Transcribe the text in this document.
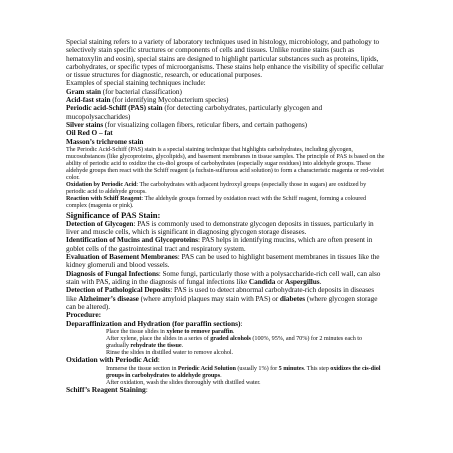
Special staining refers to a variety of laboratory techniques used in histology, microbiology, and pathology to selectively stain specific structures or components of cells and tissues. Unlike routine stains (such as hematoxylin and eosin), special stains are designed to highlight particular substances such as proteins, lipids, carbohydrates, or specific types of microorganisms. These stains help enhance the visibility of specific cellular or tissue structures for diagnostic, research, or educational purposes.

Examples of special staining techniques include:

Gram stain (for bacterial classification)

Acid-fast stain (for identifying Mycobacterium species)

Periodic acid-Schiff (PAS) stain (for detecting carbohydrates, particularly glycogen and mucopolysaccharides)

Silver stains (for visualizing collagen fibers, reticular fibers, and certain pathogens)

Oil Red O – fat

Masson’s trichrome stain

The Periodic Acid-Schiff (PAS) stain is a special staining technique that highlights carbohydrates, including glycogen, mucosubstances (like glycoproteins, glycolipids), and basement membranes in tissue samples. The principle of PAS is based on the ability of periodic acid to oxidize the cis-diol groups of carbohydrates (especially sugar residues) into aldehyde groups. These aldehyde groups then react with the Schiff reagent (a fuchsin-sulfurous acid solution) to form a characteristic magenta or red-violet color.

Oxidation by Periodic Acid: The carbohydrates with adjacent hydroxyl groups (especially those in sugars) are oxidized by periodic acid to aldehyde groups.

Reaction with Schiff Reagent: The aldehyde groups formed by oxidation react with the Schiff reagent, forming a coloured complex (magenta or pink).

Significance of PAS Stain:

Detection of Glycogen: PAS is commonly used to demonstrate glycogen deposits in tissues, particularly in liver and muscle cells, which is significant in diagnosing glycogen storage diseases.

Identification of Mucins and Glycoproteins: PAS helps in identifying mucins, which are often present in goblet cells of the gastrointestinal tract and respiratory system.

Evaluation of Basement Membranes: PAS can be used to highlight basement membranes in tissues like the kidney glomeruli and blood vessels.

Diagnosis of Fungal Infections: Some fungi, particularly those with a polysaccharide-rich cell wall, can also stain with PAS, aiding in the diagnosis of fungal infections like Candida or Aspergillus.

Detection of Pathological Deposits: PAS is used to detect abnormal carbohydrate-rich deposits in diseases like Alzheimer’s disease (where amyloid plaques may stain with PAS) or diabetes (where glycogen storage can be altered).

Procedure:

Deparaffinization and Hydration (for paraffin sections):

Place the tissue slides in xylene to remove paraffin.

After xylene, place the slides in a series of graded alcohols (100%, 95%, and 70%) for 2 minutes each to gradually rehydrate the tissue.

Rinse the slides in distilled water to remove alcohol.

Oxidation with Periodic Acid:

Immerse the tissue section in Periodic Acid Solution (usually 1%) for 5 minutes. This step oxidizes the cis-diol groups in carbohydrates to aldehyde groups.

After oxidation, wash the slides thoroughly with distilled water.

Schiff’s Reagent Staining:
